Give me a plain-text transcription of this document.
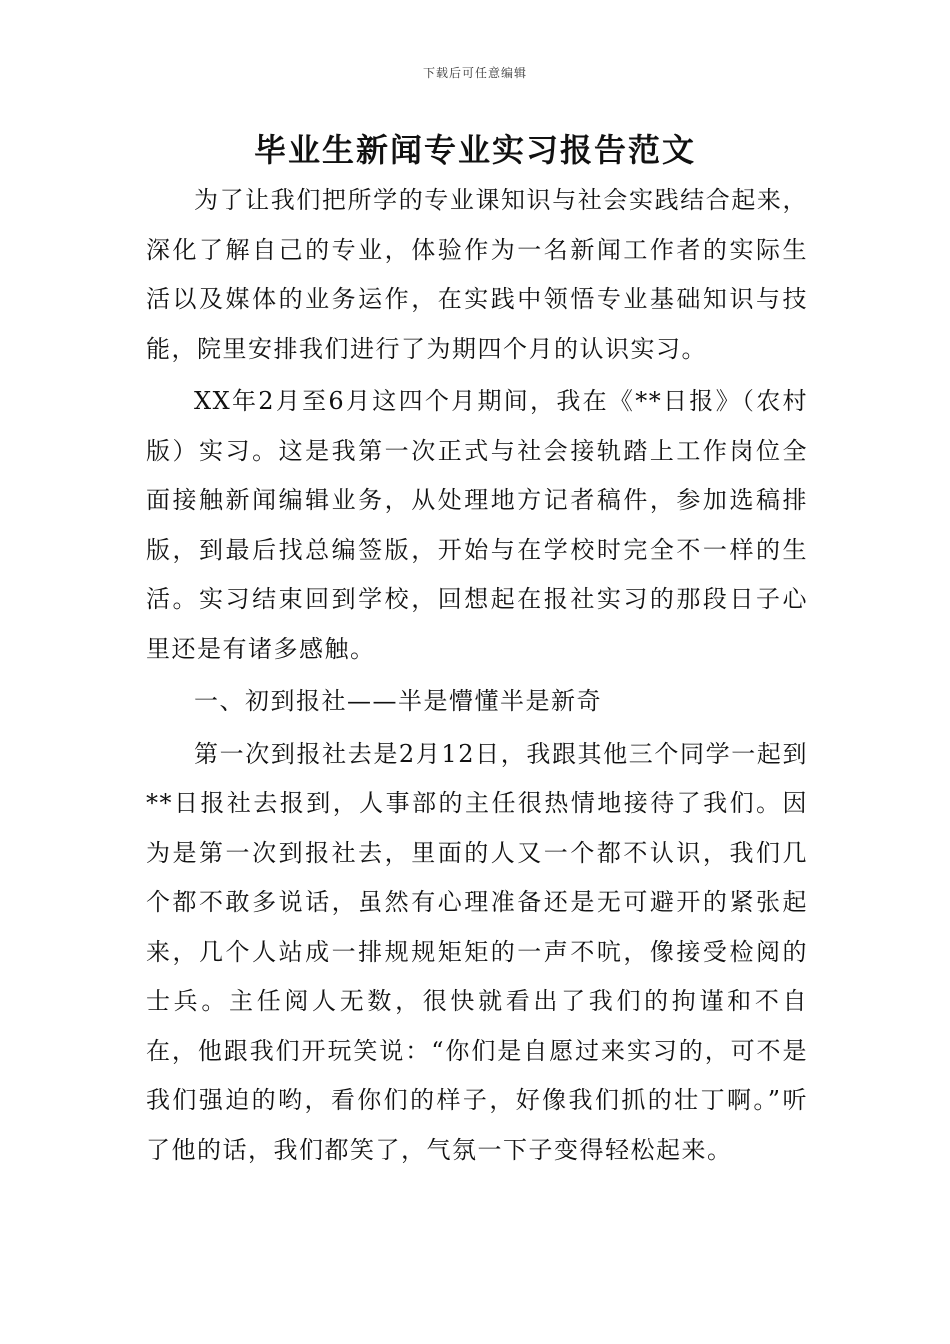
下载后可任意编辑
毕业生新闻专业实习报告范文

为了让我们把所学的专业课知识与社会实践结合起来，深化了解自己的专业，体验作为一名新闻工作者的实际生活以及媒体的业务运作，在实践中领悟专业基础知识与技能，院里安排我们进行了为期四个月的认识实习。

XX年2月至6月这四个月期间，我在《**日报》（农村版）实习。这是我第一次正式与社会接轨踏上工作岗位全面接触新闻编辑业务，从处理地方记者稿件，参加选稿排版，到最后找总编签版，开始与在学校时完全不一样的生活。实习结束回到学校，回想起在报社实习的那段日子心里还是有诸多感触。

一、初到报社——半是懵懂半是新奇

第一次到报社去是2月12日，我跟其他三个同学一起到**日报社去报到，人事部的主任很热情地接待了我们。因为是第一次到报社去，里面的人又一个都不认识，我们几个都不敢多说话，虽然有心理准备还是无可避开的紧张起来，几个人站成一排规规矩矩的一声不吭，像接受检阅的士兵。主任阅人无数，很快就看出了我们的拘谨和不自在，他跟我们开玩笑说：“你们是自愿过来实习的，可不是我们强迫的哟，看你们的样子，好像我们抓的壮丁啊。”听了他的话，我们都笑了，气氛一下子变得轻松起来。
